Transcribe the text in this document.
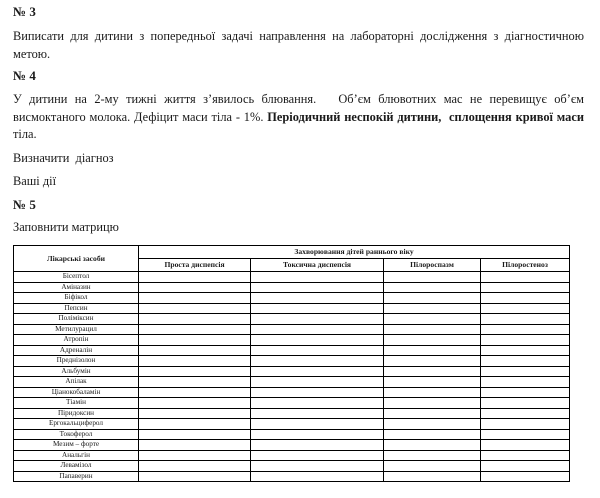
№ 3

Виписати для дитини з попередньої задачі направлення на лабораторні дослідження з діагностичною метою.

№ 4

У дитини на 2-му тижні життя з’явилось блювання.   Об’єм блювотних мас не перевищує об’єм висмоктаного молока. Дефіцит маси тіла - 1%. Періодичний неспокій дитини,  сплощення кривої маси тіла.

Визначити  діагноз

Ваші дії

№ 5

Заповнити матрицю

Лікарські засоби	Захворювання дітей раннього віку			
	Проста диспепсія	Токсична диспепсія	Пілороспазм	Пілоростеноз
Бісептол				
Аміназин				
Біфікол				
Пепсин				
Поліміксин				
Метилурацил				
Атропін				
Адреналін				
Преднізолон				
Альбумін				
Апілак				
Ціанокобаламін				
Тіамін				
Піридоксин				
Ергокальциферол				
Токоферол				
Мезим – форте				
Анальгін				
Левамізол				
Папаверин				
